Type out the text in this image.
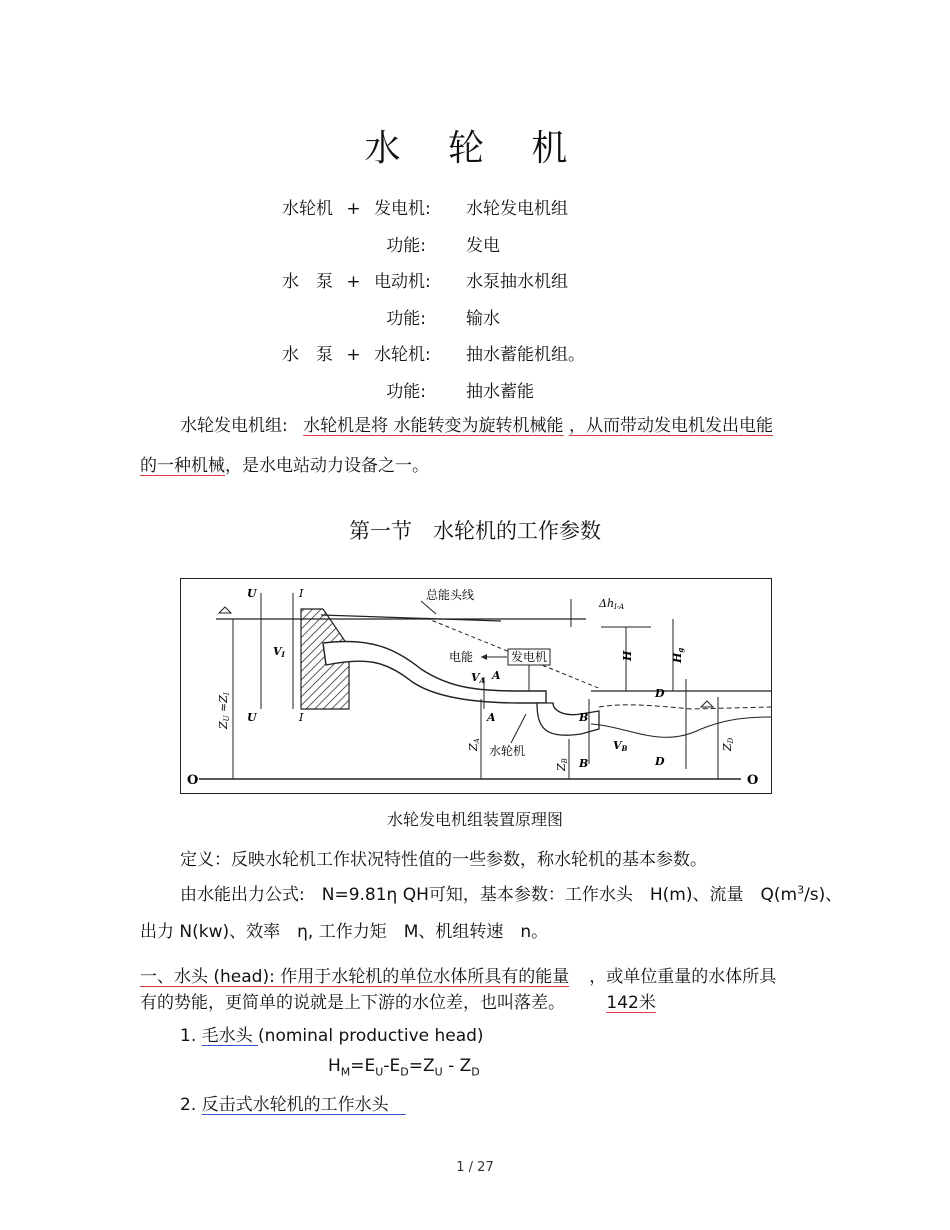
水 轮 机
水轮机 + 发电机: 水轮发电机组
功能: 发电
水　泵 + 电动机: 水泵抽水机组
功能: 输水
水　泵 + 水轮机: 抽水蓄能机组。
功能: 抽水蓄能
水轮发电机组: 水轮机是将 水能转变为旋转机械能 ，从而带动发电机发出电能
的一种机械，是水电站动力设备之一。
第一节　水轮机的工作参数
总能头线
ΔhI-A
电能	发电机
水轮机
U
U
I
I
VI
VA A
A	B
B
D
D
VB
H	Hg
ZU ≈ZI
ZA
ZB
ZD
O	O
水轮发电机组装置原理图
定义：反映水轮机工作状况特性值的一些参数，称水轮机的基本参数。
由水能出力公式:　N=9.81η QH可知，基本参数：工作水头　H(m)、流量　$Q(m^3/s)$、
出力 N(kw)、效率　η, 工作力矩　M、机组转速　n。
一、水头 (head): 作用于水轮机的单位水体所具有的能量 ，或单位重量的水体所具
有的势能，更简单的说就是上下游的水位差，也叫落差。 142米
1. 毛水头 (nominal productive head)
$H_M=E_U-E_D=Z_U - Z_D$
2. 反击式水轮机的工作水头　
1 / 27
